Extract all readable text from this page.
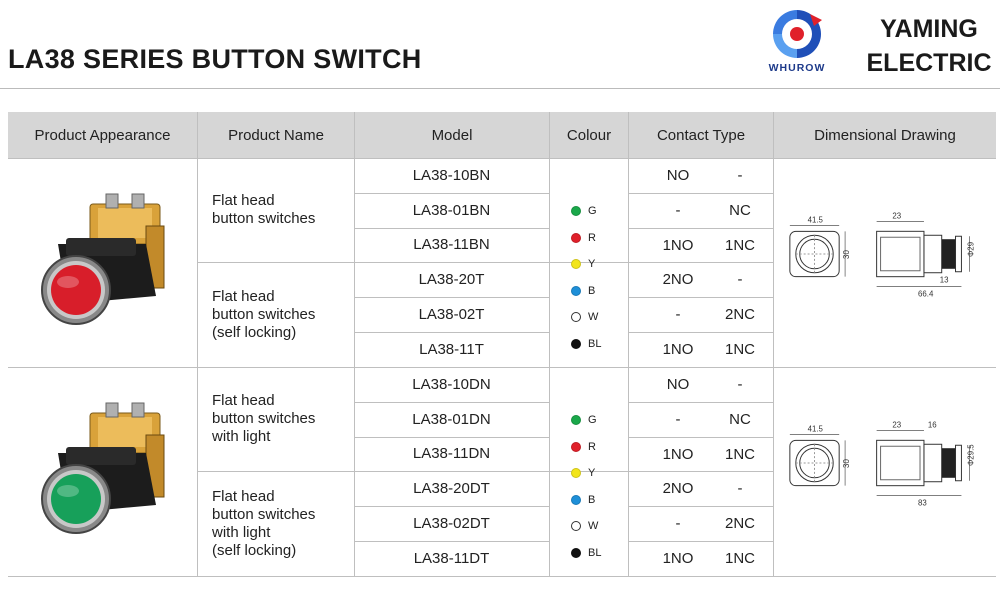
LA38 SERIES BUTTON SWITCH	WHUROW
YAMING
ELECTRIC
Product Appearance	Product Name	Model	Colour	Contact Type	Dimensional Drawing
Flat head
button switches
Flat head
button switches
(self locking)
LA38-10BN	NO	-
LA38-01BN	-	NC
LA38-11BN	1NO	1NC
LA38-20T	2NO	-
LA38-02T	-	2NC
LA38-11T	1NO	1NC
G
R
Y
B
W
BL
41.5
30
23
Φ29
66.4
13
Flat head
button switches
with light
Flat head
button switches
with light
(self locking)
LA38-10DN	NO	-
LA38-01DN	-	NC
LA38-11DN	1NO	1NC
LA38-20DT	2NO	-
LA38-02DT	-	2NC
LA38-11DT	1NO	1NC
G
R
Y
B
W
BL
41.5
30
23
Φ29.5
83
16
